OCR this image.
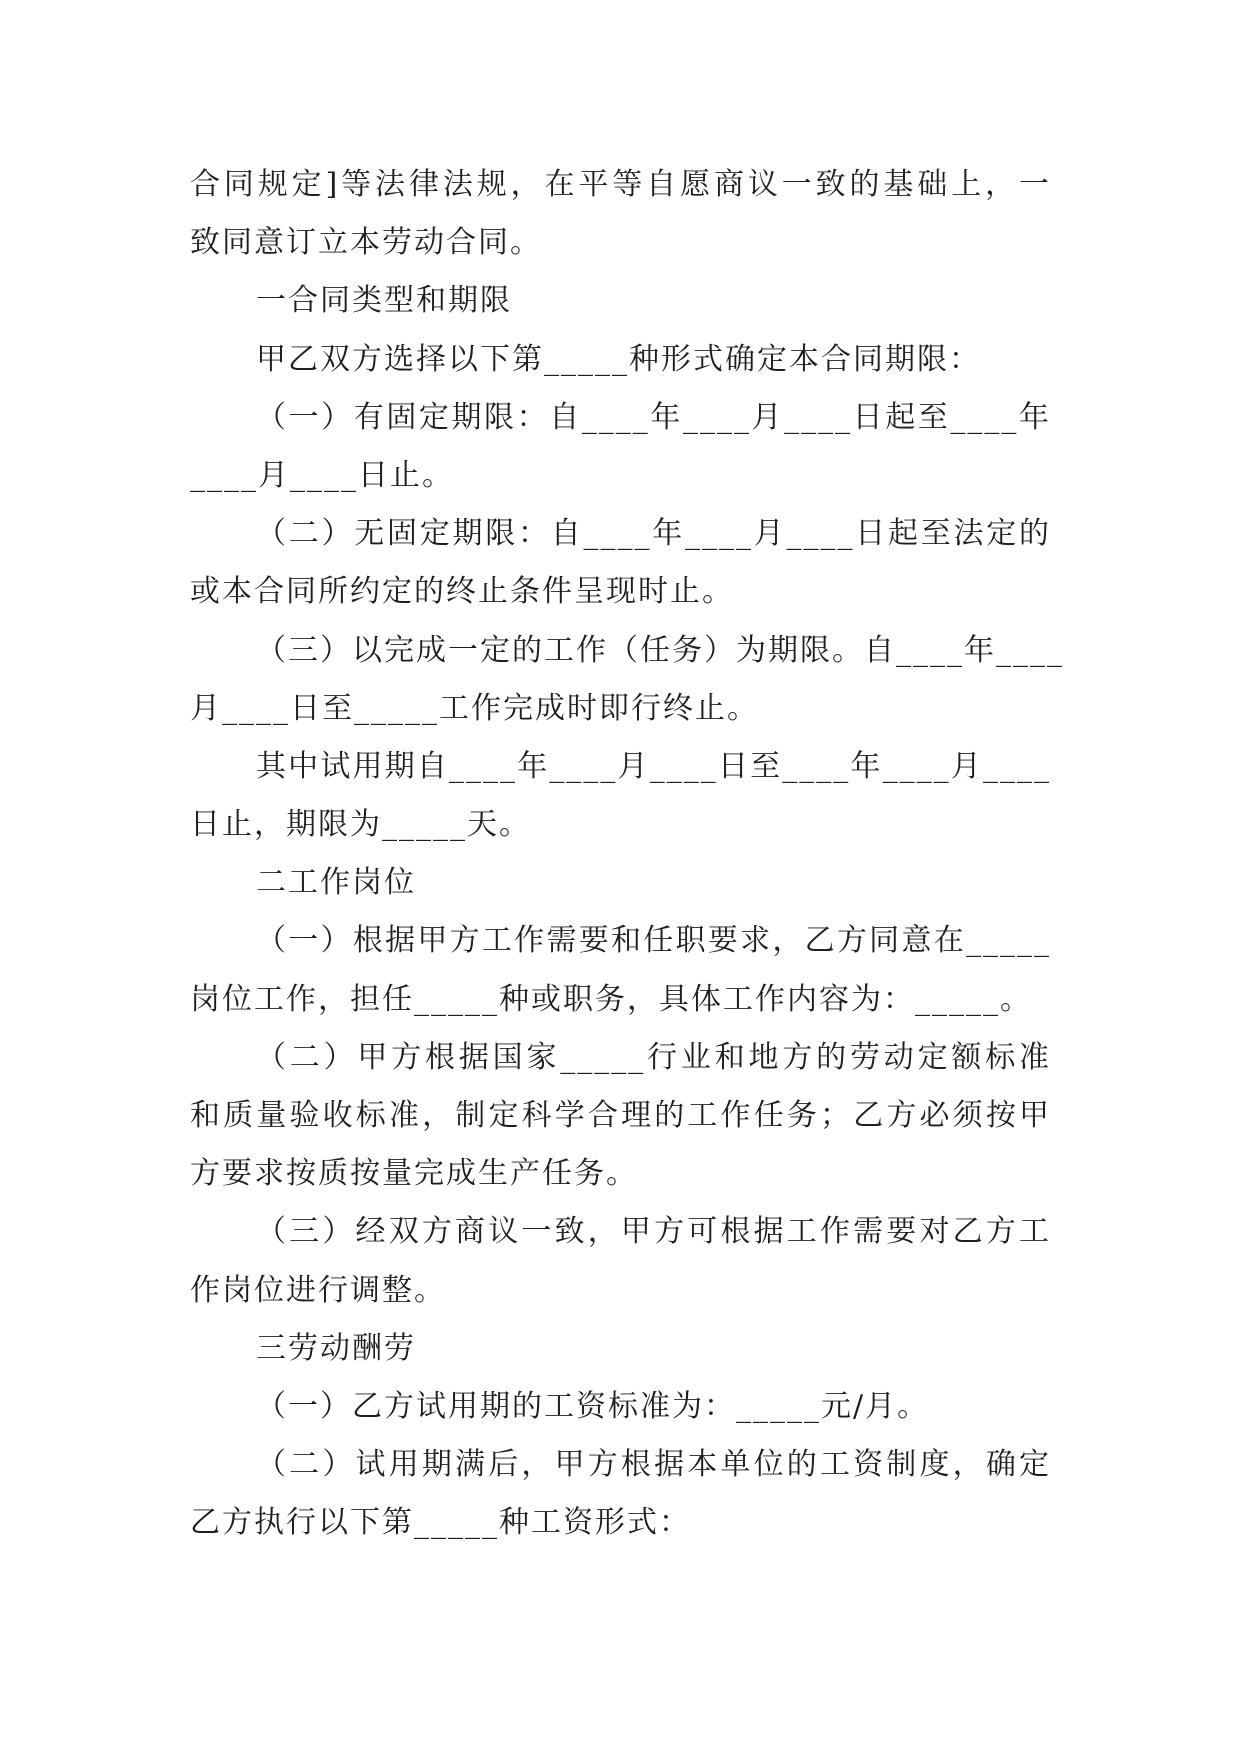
合同规定]等法律法规，在平等自愿商议一致的基础上，一
致同意订立本劳动合同。
一合同类型和期限
甲乙双方选择以下第_____种形式确定本合同期限：
（一）有固定期限：自____年____月____日起至____年
____月____日止。
（二）无固定期限：自____年____月____日起至法定的
或本合同所约定的终止条件呈现时止。
（三）以完成一定的工作（任务）为期限。自____年____
月____日至_____工作完成时即行终止。
其中试用期自____年____月____日至____年____月____
日止，期限为_____天。
二工作岗位
（一）根据甲方工作需要和任职要求，乙方同意在_____
岗位工作，担任_____种或职务，具体工作内容为：_____。
（二）甲方根据国家_____行业和地方的劳动定额标准
和质量验收标准，制定科学合理的工作任务；乙方必须按甲
方要求按质按量完成生产任务。
（三）经双方商议一致，甲方可根据工作需要对乙方工
作岗位进行调整。
三劳动酬劳
（一）乙方试用期的工资标准为：_____元/月。
（二）试用期满后，甲方根据本单位的工资制度，确定
乙方执行以下第_____种工资形式：
